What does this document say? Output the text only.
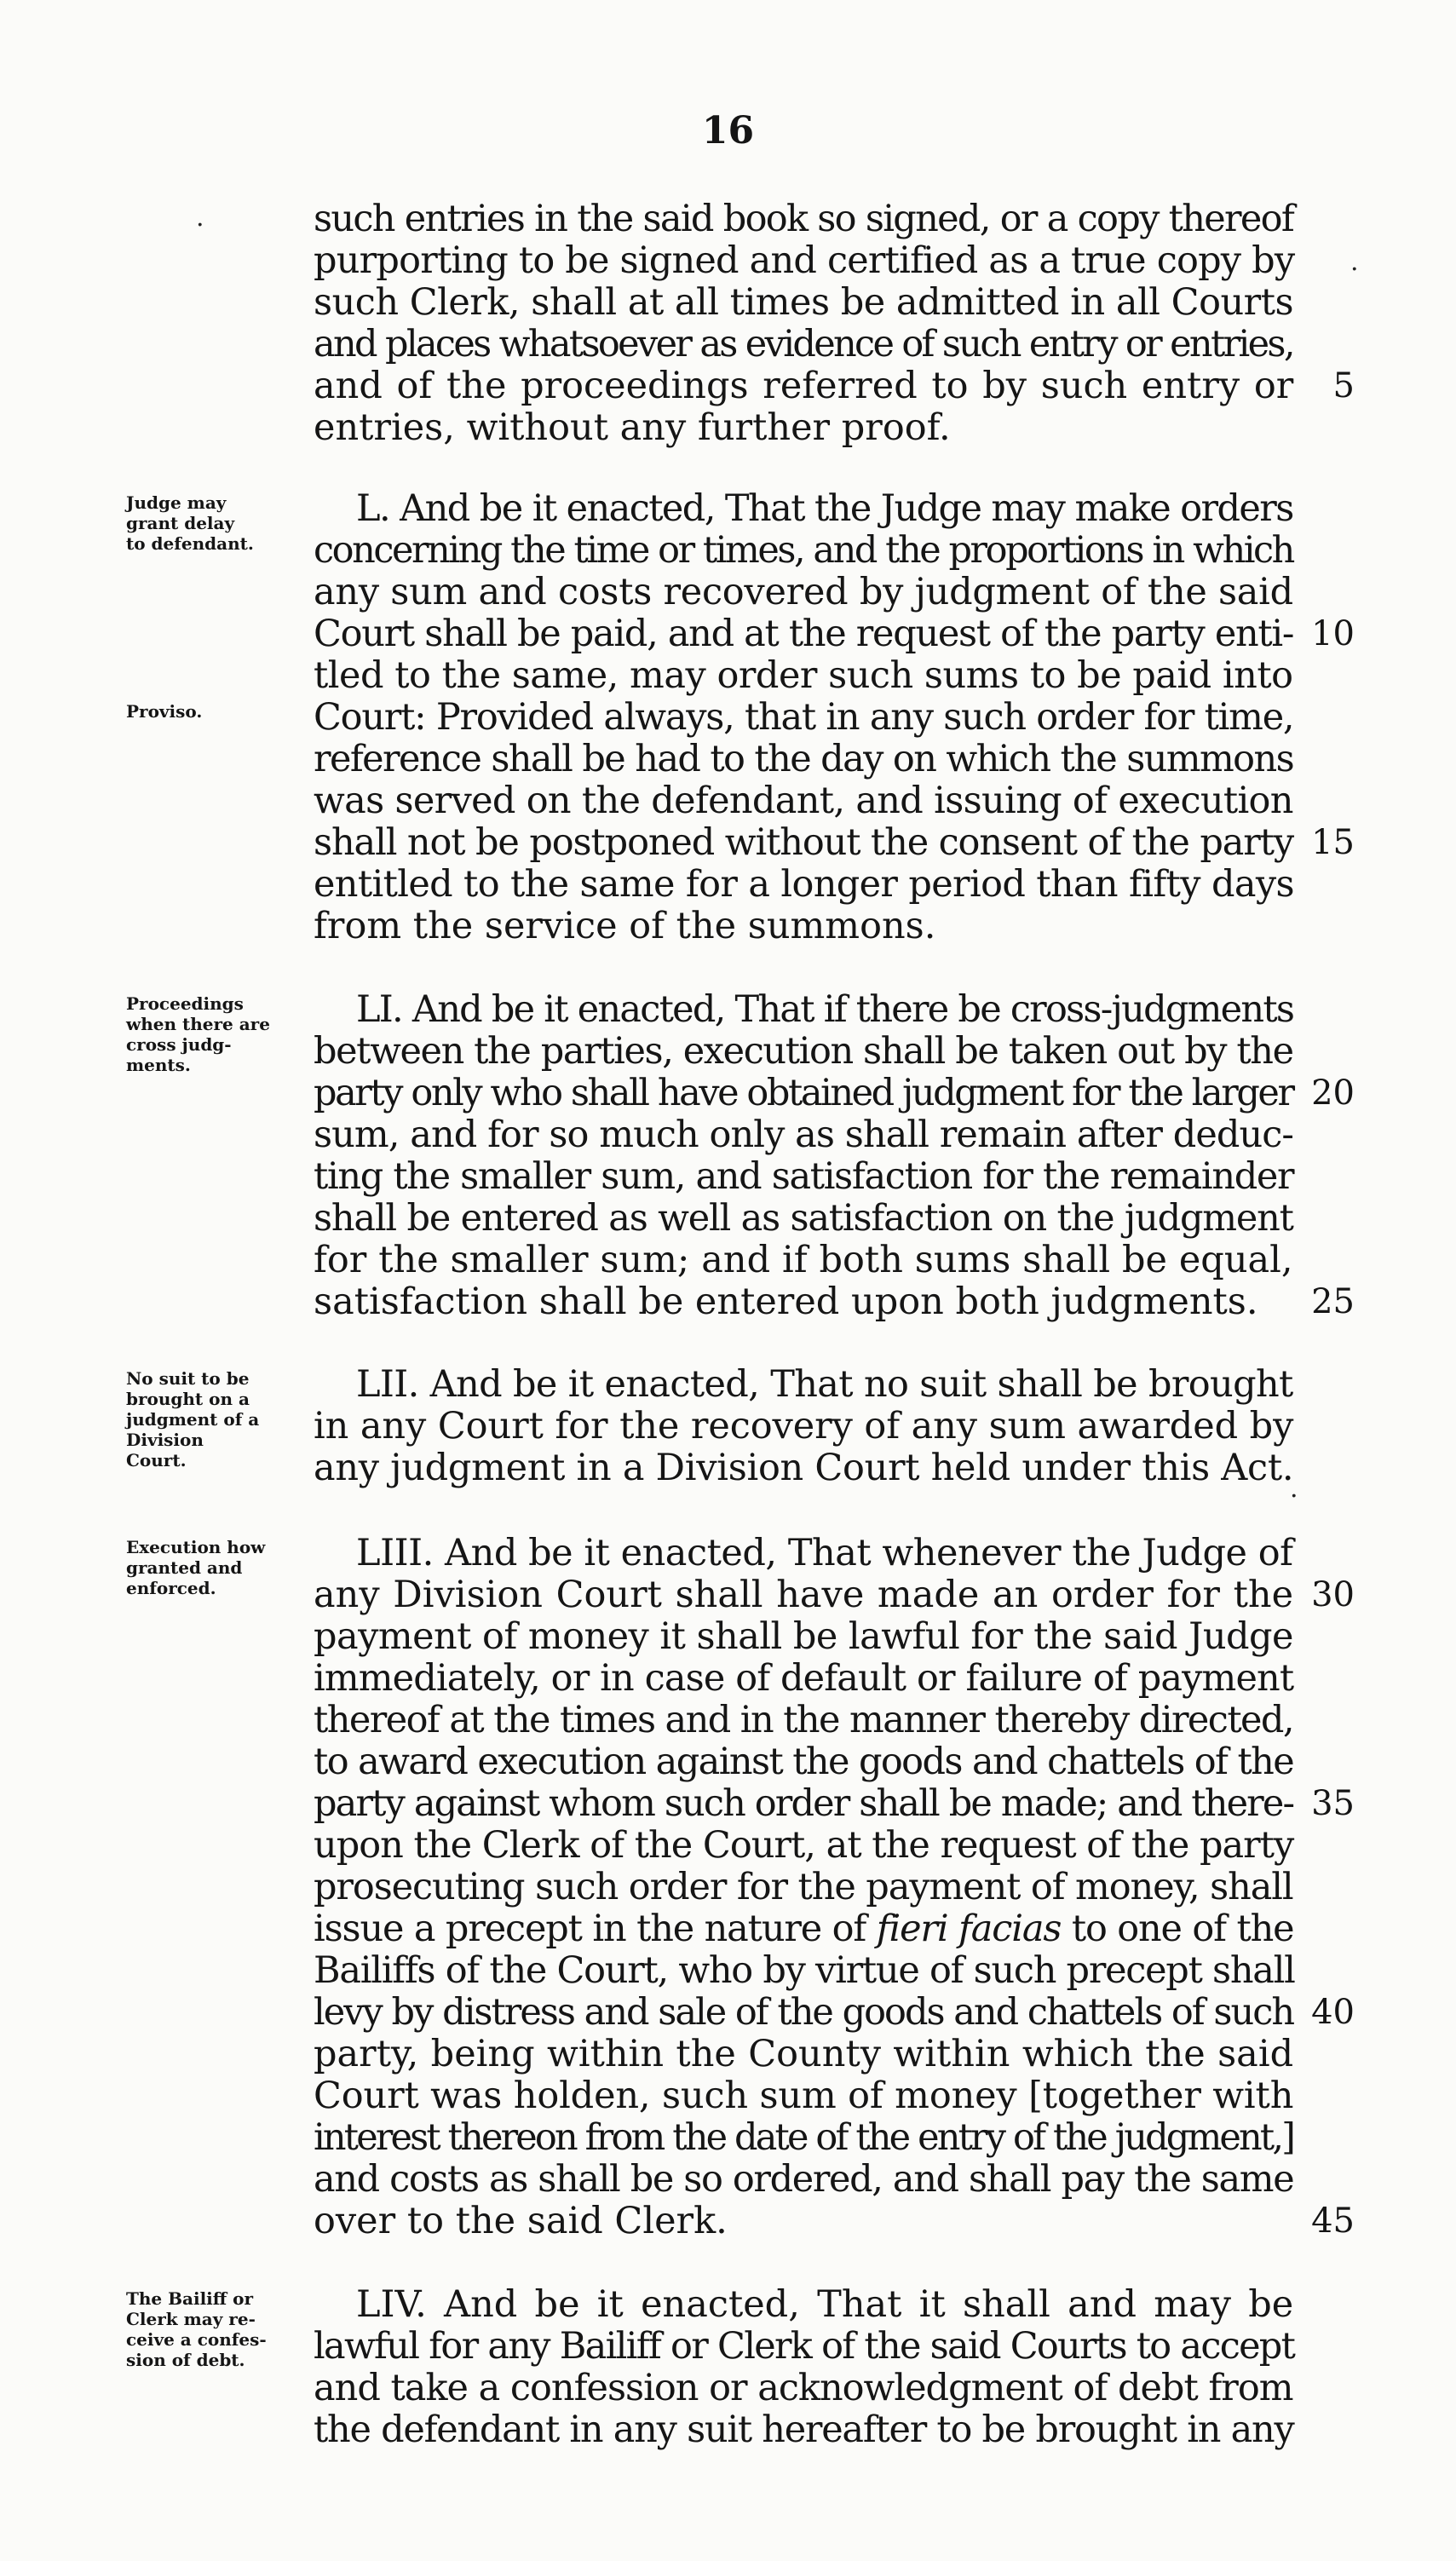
16
such entries in the said book so signed, or a copy thereof
purporting to be signed and certified as a true copy by
such Clerk, shall at all times be admitted in all Courts
and places whatsoever as evidence of such entry or entries,
and of the proceedings referred to by such entry or	5
entries, without any further proof.
Judge may
grant delay
to defendant.
Proviso.
L. And be it enacted, That the Judge may make orders
concerning the time or times, and the proportions in which
any sum and costs recovered by judgment of the said
Court shall be paid, and at the request of the party enti- 10
tled to the same, may order such sums to be paid into
Court: Provided always, that in any such order for time,
reference shall be had to the day on which the summons
was served on the defendant, and issuing of execution
shall not be postponed without the consent of the party 15
entitled to the same for a longer period than fifty days
from the service of the summons.
Proceedings
when there are
cross judg-
ments.
LI. And be it enacted, That if there be cross-judgments
between the parties, execution shall be taken out by the
party only who shall have obtained judgment for the larger 20
sum, and for so much only as shall remain after deduc-
ting the smaller sum, and satisfaction for the remainder
shall be entered as well as satisfaction on the judgment
for the smaller sum; and if both sums shall be equal,
satisfaction shall be entered upon both judgments.	25
No suit to be
brought on a
judgment of a
Division
Court.
LII. And be it enacted, That no suit shall be brought
in any Court for the recovery of any sum awarded by
any judgment in a Division Court held under this Act.
Execution how
granted and
enforced.
LIII. And be it enacted, That whenever the Judge of
any Division Court shall have made an order for the 30
payment of money it shall be lawful for the said Judge
immediately, or in case of default or failure of payment
thereof at the times and in the manner thereby directed,
to award execution against the goods and chattels of the
party against whom such order shall be made; and there- 35
upon the Clerk of the Court, at the request of the party
prosecuting such order for the payment of money, shall
issue a precept in the nature of fieri facias to one of the
Bailiffs of the Court, who by virtue of such precept shall
levy by distress and sale of the goods and chattels of such 40
party, being within the County within which the said
Court was holden, such sum of money [together with
interest thereon from the date of the entry of the judgment,]
and costs as shall be so ordered, and shall pay the same
over to the said Clerk.	45
The Bailiff or
Clerk may re-
ceive a confes-
sion of debt.
LIV. And be it enacted, That it shall and may be
lawful for any Bailiff or Clerk of the said Courts to accept
and take a confession or acknowledgment of debt from
the defendant in any suit hereafter to be brought in any
.
.
.
